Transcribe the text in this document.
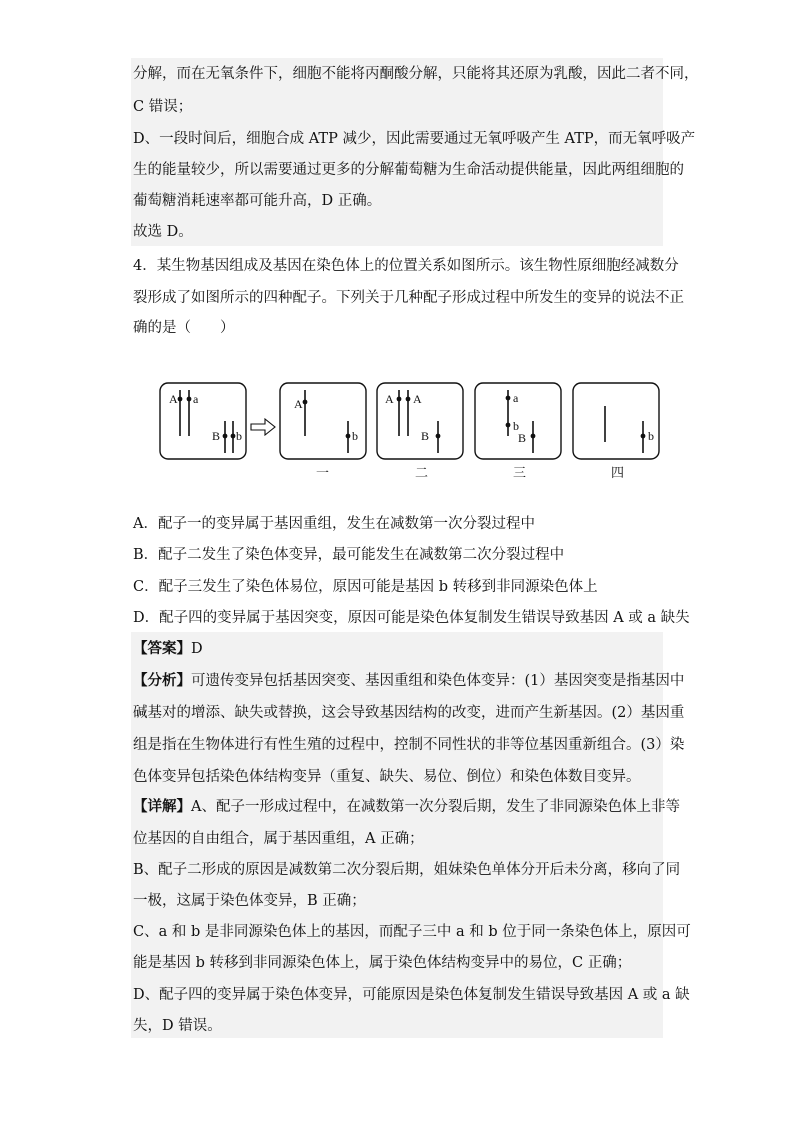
分解，而在无氧条件下，细胞不能将丙酮酸分解，只能将其还原为乳酸，因此二者不同，
C 错误；
D、一段时间后，细胞合成 ATP 减少，因此需要通过无氧呼吸产生 ATP，而无氧呼吸产
生的能量较少，所以需要通过更多的分解葡萄糖为生命活动提供能量，因此两组细胞的
葡萄糖消耗速率都可能升高，D 正确。
故选 D。
4．某生物基因组成及基因在染色体上的位置关系如图所示。该生物性原细胞经减数分
裂形成了如图所示的四种配子。下列关于几种配子形成过程中所发生的变异的说法不正
确的是（　　）
A a
B b
A
b
A A
B
a
b
B	b
一	二	三	四
A．配子一的变异属于基因重组，发生在减数第一次分裂过程中
B．配子二发生了染色体变异，最可能发生在减数第二次分裂过程中
C．配子三发生了染色体易位，原因可能是基因 b 转移到非同源染色体上
D．配子四的变异属于基因突变，原因可能是染色体复制发生错误导致基因 A 或 a 缺失
【答案】D
【分析】可遗传变异包括基因突变、基因重组和染色体变异：(1）基因突变是指基因中
碱基对的增添、缺失或替换，这会导致基因结构的改变，进而产生新基因。(2）基因重
组是指在生物体进行有性生殖的过程中，控制不同性状的非等位基因重新组合。(3）染
色体变异包括染色体结构变异（重复、缺失、易位、倒位）和染色体数目变异。
【详解】A、配子一形成过程中，在减数第一次分裂后期，发生了非同源染色体上非等
位基因的自由组合，属于基因重组，A 正确；
B、配子二形成的原因是减数第二次分裂后期，姐妹染色单体分开后未分离，移向了同
一极，这属于染色体变异，B 正确；
C、a 和 b 是非同源染色体上的基因，而配子三中 a 和 b 位于同一条染色体上，原因可
能是基因 b 转移到非同源染色体上，属于染色体结构变异中的易位，C 正确；
D、配子四的变异属于染色体变异，可能原因是染色体复制发生错误导致基因 A 或 a 缺
失，D 错误。
